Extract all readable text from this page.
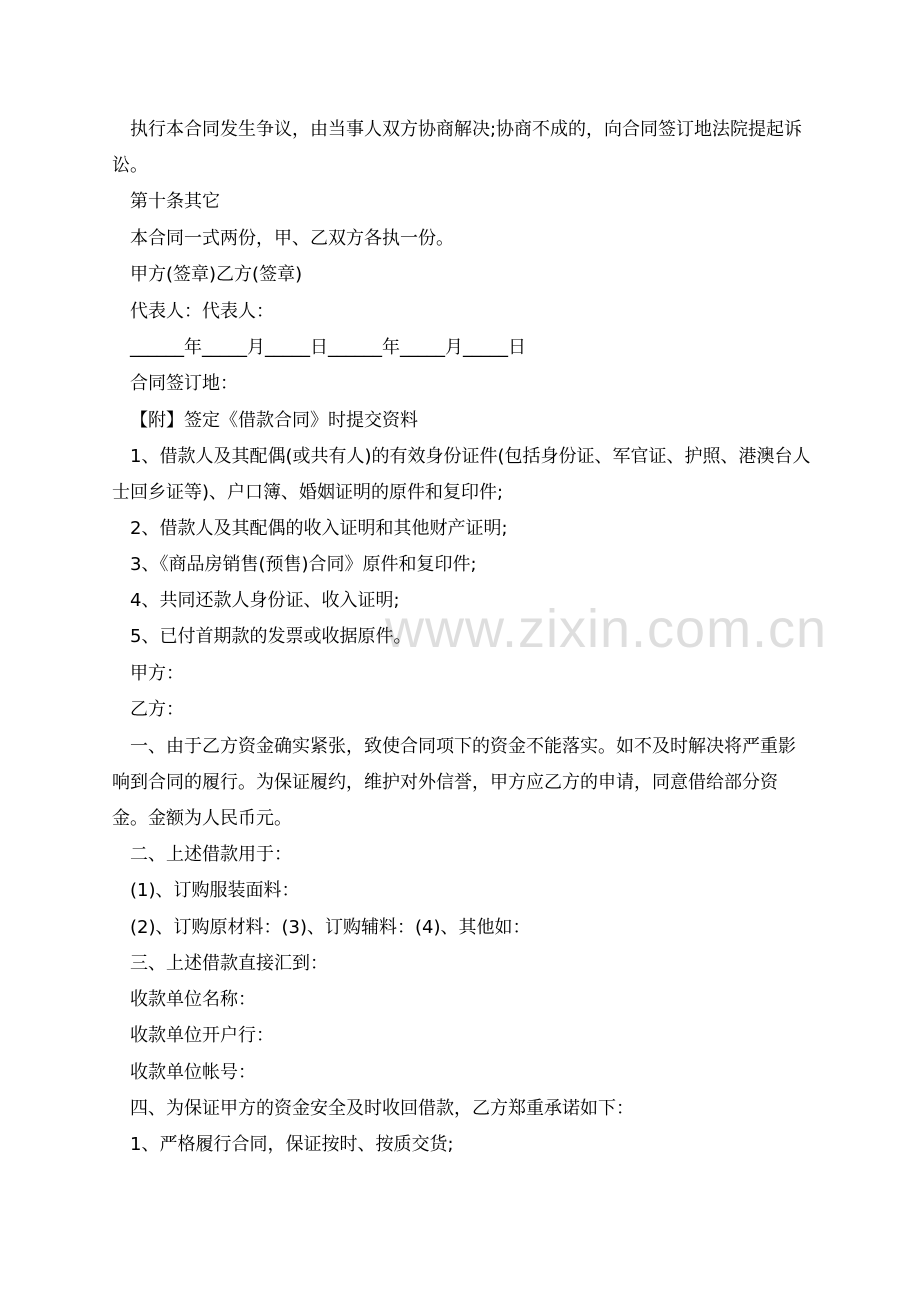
www.zixin.com.cn

执行本合同发生争议，由当事人双方协商解决;协商不成的，向合同签订地法院提起诉讼。

第十条其它

本合同一式两份，甲、乙双方各执一份。

甲方(签章)乙方(签章)

代表人：代表人：

______年_____月_____日______年_____月_____日

合同签订地：

【附】签定《借款合同》时提交资料

1、借款人及其配偶(或共有人)的有效身份证件(包括身份证、军官证、护照、港澳台人士回乡证等)、户口簿、婚姻证明的原件和复印件;

2、借款人及其配偶的收入证明和其他财产证明;

3、《商品房销售(预售)合同》原件和复印件;

4、共同还款人身份证、收入证明;

5、已付首期款的发票或收据原件。

甲方：

乙方：

一、由于乙方资金确实紧张，致使合同项下的资金不能落实。如不及时解决将严重影响到合同的履行。为保证履约，维护对外信誉，甲方应乙方的申请，同意借给部分资金。金额为人民币元。

二、上述借款用于：

(1)、订购服装面料：

(2)、订购原材料：(3)、订购辅料：(4)、其他如：

三、上述借款直接汇到：

收款单位名称：

收款单位开户行：

收款单位帐号：

四、为保证甲方的资金安全及时收回借款，乙方郑重承诺如下：

1、严格履行合同，保证按时、按质交货;
